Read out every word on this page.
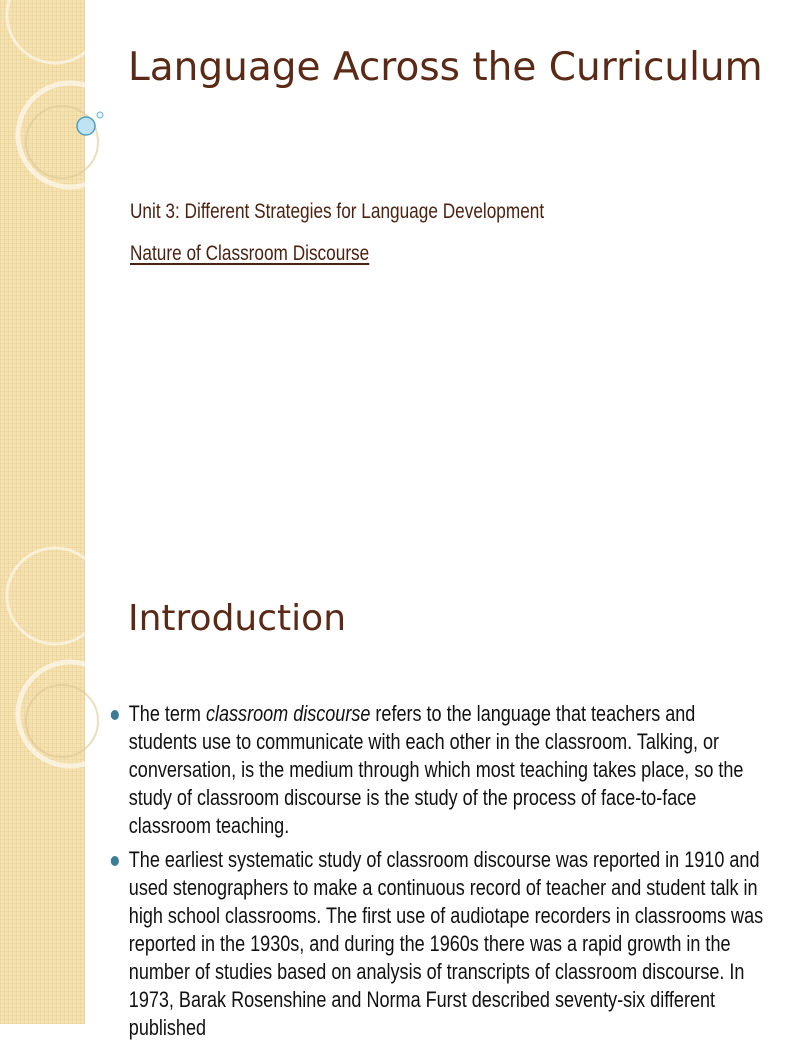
Language Across the Curriculum

Unit 3: Different Strategies for Language Development

Nature of Classroom Discourse

Introduction
The term classroom discourse refers to the language that teachers and students use to communicate with each other in the classroom. Talking, or conversation, is the medium through which most teaching takes place, so the study of classroom discourse is the study of the process of face-to-face classroom teaching.
The earliest systematic study of classroom discourse was reported in 1910 and used stenographers to make a continuous record of teacher and student talk in high school classrooms. The first use of audiotape recorders in classrooms was reported in the 1930s, and during the 1960s there was a rapid growth in the number of studies based on analysis of transcripts of classroom discourse. In 1973, Barak Rosenshine and Norma Furst described seventy-six different published
